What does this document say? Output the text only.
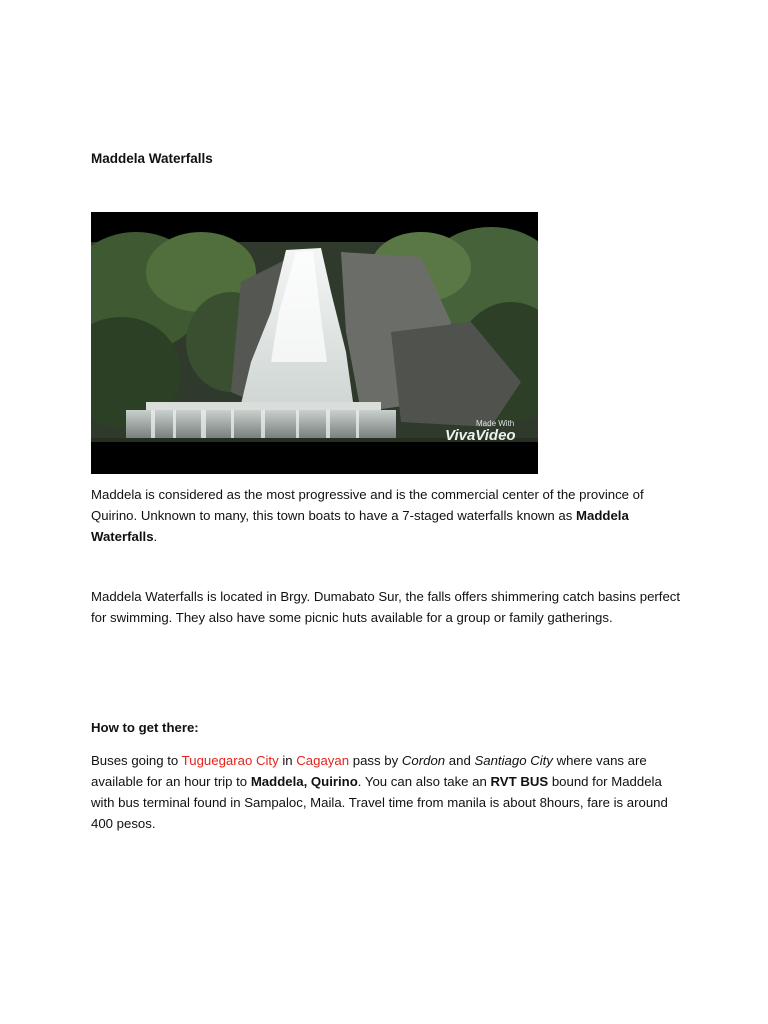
Maddela Waterfalls

Made With
VivaVideo

Maddela is considered as the most progressive and is the commercial center of the province of Quirino. Unknown to many, this town boats to have a 7-staged waterfalls known as Maddela Waterfalls.

Maddela Waterfalls is located in Brgy. Dumabato Sur, the falls offers shimmering catch basins perfect for swimming. They also have some picnic huts available for a group or family gatherings.

How to get there:

Buses going to Tuguegarao City in Cagayan pass by Cordon and Santiago City where vans are available for an hour trip to Maddela, Quirino. You can also take an RVT BUS bound for Maddela with bus terminal found in Sampaloc, Maila. Travel time from manila is about 8hours, fare is around 400 pesos.
